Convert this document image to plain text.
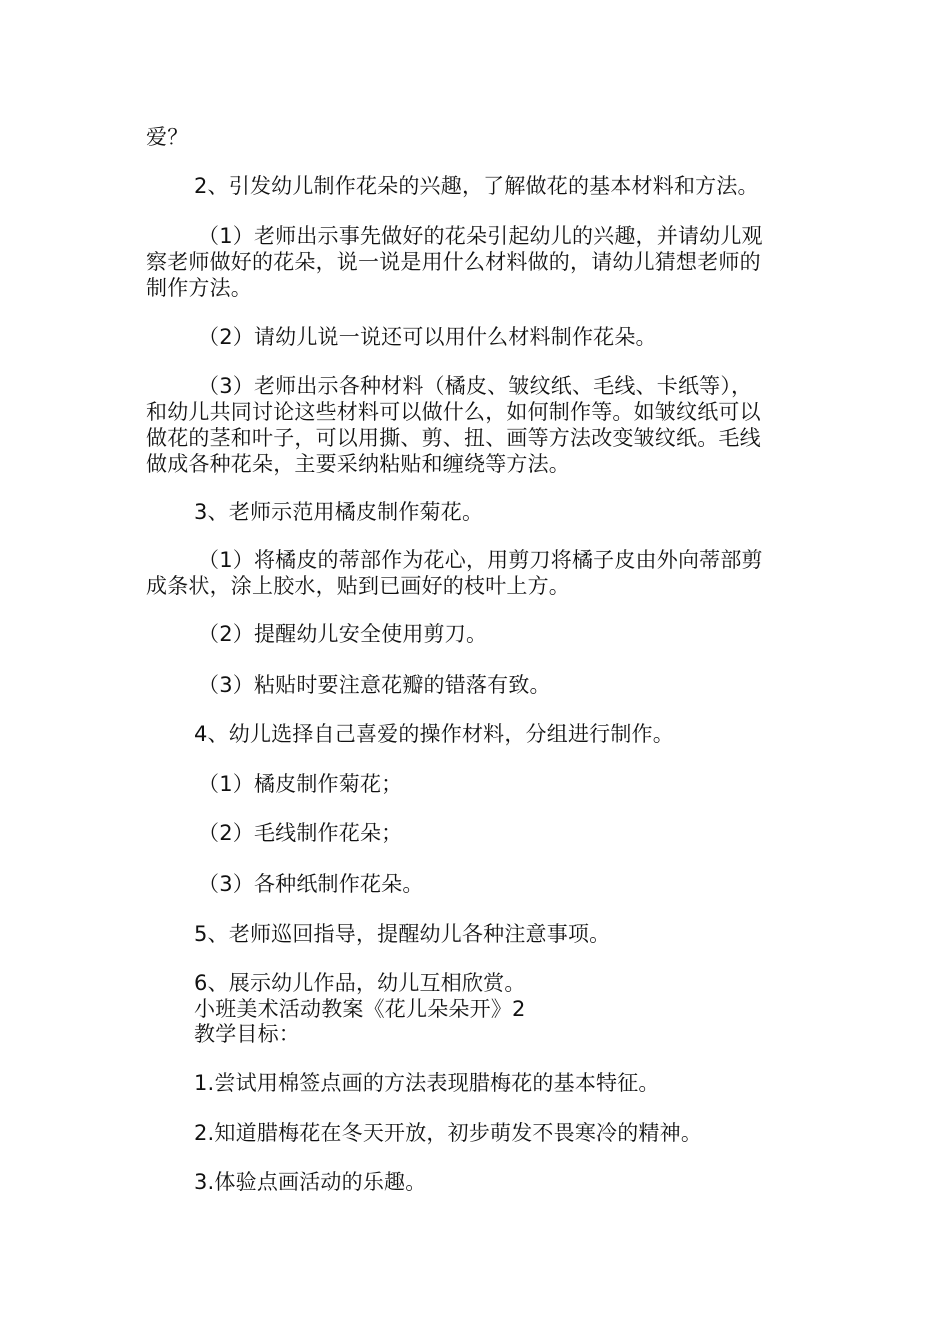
爱？
2、引发幼儿制作花朵的兴趣，了解做花的基本材料和方法。
（1）老师出示事先做好的花朵引起幼儿的兴趣，并请幼儿观
察老师做好的花朵，说一说是用什么材料做的，请幼儿猜想老师的
制作方法。
（2）请幼儿说一说还可以用什么材料制作花朵。
（3）老师出示各种材料（橘皮、皱纹纸、毛线、卡纸等），
和幼儿共同讨论这些材料可以做什么，如何制作等。如皱纹纸可以
做花的茎和叶子，可以用撕、剪、扭、画等方法改变皱纹纸。毛线
做成各种花朵，主要采纳粘贴和缠绕等方法。
3、老师示范用橘皮制作菊花。
（1）将橘皮的蒂部作为花心，用剪刀将橘子皮由外向蒂部剪
成条状，涂上胶水，贴到已画好的枝叶上方。
（2）提醒幼儿安全使用剪刀。
（3）粘贴时要注意花瓣的错落有致。
4、幼儿选择自己喜爱的操作材料，分组进行制作。
（1）橘皮制作菊花；
（2）毛线制作花朵；
（3）各种纸制作花朵。
5、老师巡回指导，提醒幼儿各种注意事项。
6、展示幼儿作品，幼儿互相欣赏。
小班美术活动教案《花儿朵朵开》2
教学目标：
1.尝试用棉签点画的方法表现腊梅花的基本特征。
2.知道腊梅花在冬天开放，初步萌发不畏寒冷的精神。
3.体验点画活动的乐趣。
